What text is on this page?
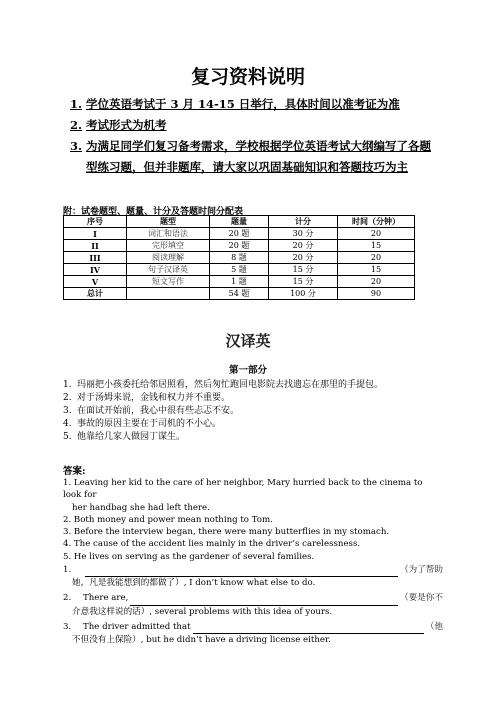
复习资料说明
1. 学位英语考试于 3 月 14-15 日举行，具体时间以准考证为准
2. 考试形式为机考
3. 为满足同学们复习备考需求，学校根据学位英语考试大纲编写了各题
型练习题，但并非题库，请大家以巩固基础知识和答题技巧为主
附：试卷题型、题量、计分及答题时间分配表
序号	题型	题量	计分	时间（分钟）
I	词汇和语法	20 题	30 分	20
II	完形填空	20 题	20 分	15
III	阅读理解	8 题	20 分	20
IV	句子汉译英	5 题	15 分	15
V	短文写作	1 题	15 分	20
总计		54 题	100 分	90
汉译英
第一部分
1. 玛丽把小孩委托给邻居照看，然后匆忙跑回电影院去找遗忘在那里的手提包。
2. 对于汤姆来说，金钱和权力并不重要。
3. 在面试开始前，我心中很有些忐忑不安。
4. 事故的原因主要在于司机的不小心。
5. 他靠给几家人做园丁谋生。
答案:
1. Leaving her kid to the care of her neighbor, Mary hurried back to the cinema to look for
her handbag she had left there.
2. Both money and power mean nothing to Tom.
3. Before the interview began, there were many butterflies in my stomach.
4. The cause of the accident lies mainly in the driver’s carelessness.
5. He lives on serving as the gardener of several families.
1.	（为了帮助
她，凡是我能想到的都做了）, I don’t know what else to do.
2.	There are,	（要是你不
介意我这样说的话）, several problems with this idea of yours.
3.	The driver admitted that	（他
不但没有上保险）, but he didn’t have a driving license either.
